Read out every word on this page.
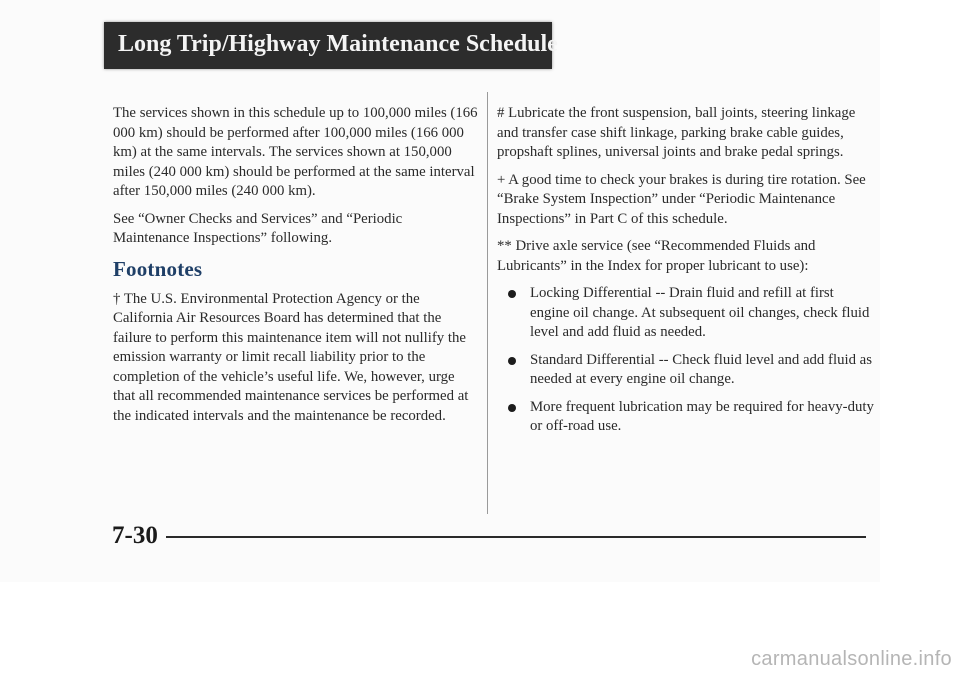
Long Trip/Highway Maintenance Schedule

The services shown in this schedule up to 100,000 miles (166 000 km) should be performed after 100,000 miles (166 000 km) at the same intervals. The services shown at 150,000 miles (240 000 km) should be performed at the same interval after 150,000 miles (240 000 km).

See “Owner Checks and Services” and “Periodic Maintenance Inspections” following.

Footnotes

† The U.S. Environmental Protection Agency or the California Air Resources Board has determined that the failure to perform this maintenance item will not nullify the emission warranty or limit recall liability prior to the completion of the vehicle’s useful life. We, however, urge that all recommended maintenance services be performed at the indicated intervals and the maintenance be recorded.

# Lubricate the front suspension, ball joints, steering linkage and transfer case shift linkage, parking brake cable guides, propshaft splines, universal joints and brake pedal springs.

+ A good time to check your brakes is during tire rotation. See “Brake System Inspection” under “Periodic Maintenance Inspections” in Part C of this schedule.

** Drive axle service (see “Recommended Fluids and Lubricants” in the Index for proper lubricant to use):

Locking Differential -- Drain fluid and refill at first engine oil change. At subsequent oil changes, check fluid level and add fluid as needed.
Standard Differential -- Check fluid level and add fluid as needed at every engine oil change.
More frequent lubrication may be required for heavy-duty or off-road use.
7-30
carmanualsonline.info
